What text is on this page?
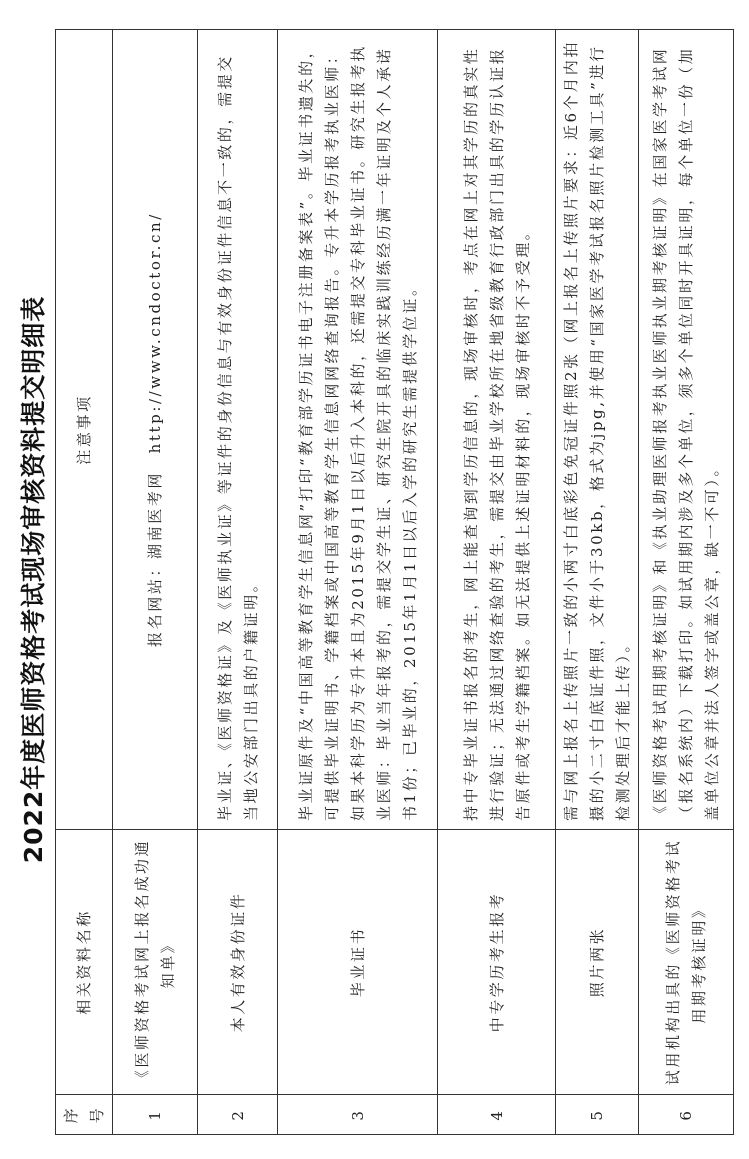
2022年度医师资格考试现场审核资料提交明细表
序号	相关资料名称	注意事项
1	《医师资格考试网上报名成功通知单》	报名网站：湖南医考网　http://www.cndoctor.cn/
2	本人有效身份证件	毕业证、《医师资格证》及《医师执业证》等证件的身份信息与有效身份证件信息不一致的，需提交当地公安部门出具的户籍证明。
3	毕业证书	毕业证原件及“中国高等教育学生信息网”打印“教育部学历证书电子注册备案表”。毕业证书遗失的，可提供毕业证明书、学籍档案或中国高等教育学生信息网网络查询报告。专升本学历报考执业医师：如果本科学历为专升本且为2015年9月1日以后升入本科的，还需提交专科毕业证书。研究生报考执业医师：毕业当年报考的，需提交学生证、研究生院开具的临床实践训练经历满一年证明及个人承诺书1份；已毕业的，2015年1月1日以后入学的研究生需提供学位证。
4	中专学历考生报考	持中专毕业证书报名的考生，网上能查询到学历信息的，现场审核时，考点在网上对其学历的真实性进行验证；无法通过网络查验的考生，需提交由毕业学校所在地省级教育行政部门出具的学历认证报告原件或考生学籍档案。如无法提供上述证明材料的，现场审核时不予受理。
5	照片两张	需与网上报名上传照片一致的小两寸白底彩色免冠证件照2张（网上报名上传照片要求：近6个月内拍摄的小二寸白底证件照，文件小于30kb，格式为jpg,并使用“国家医学考试报名照片检测工具”进行检测处理后才能上传）。
6	试用机构出具的《医师资格考试用期考核证明》	《医师资格考试用期考核证明》和《执业助理医师报考执业医师执业期考核证明》在国家医学考试网（报名系统内）下载打印。如试用期内涉及多个单位，须多个单位同时开具证明，每个单位一份（加盖单位公章并法人签字或盖公章，缺一不可）。
